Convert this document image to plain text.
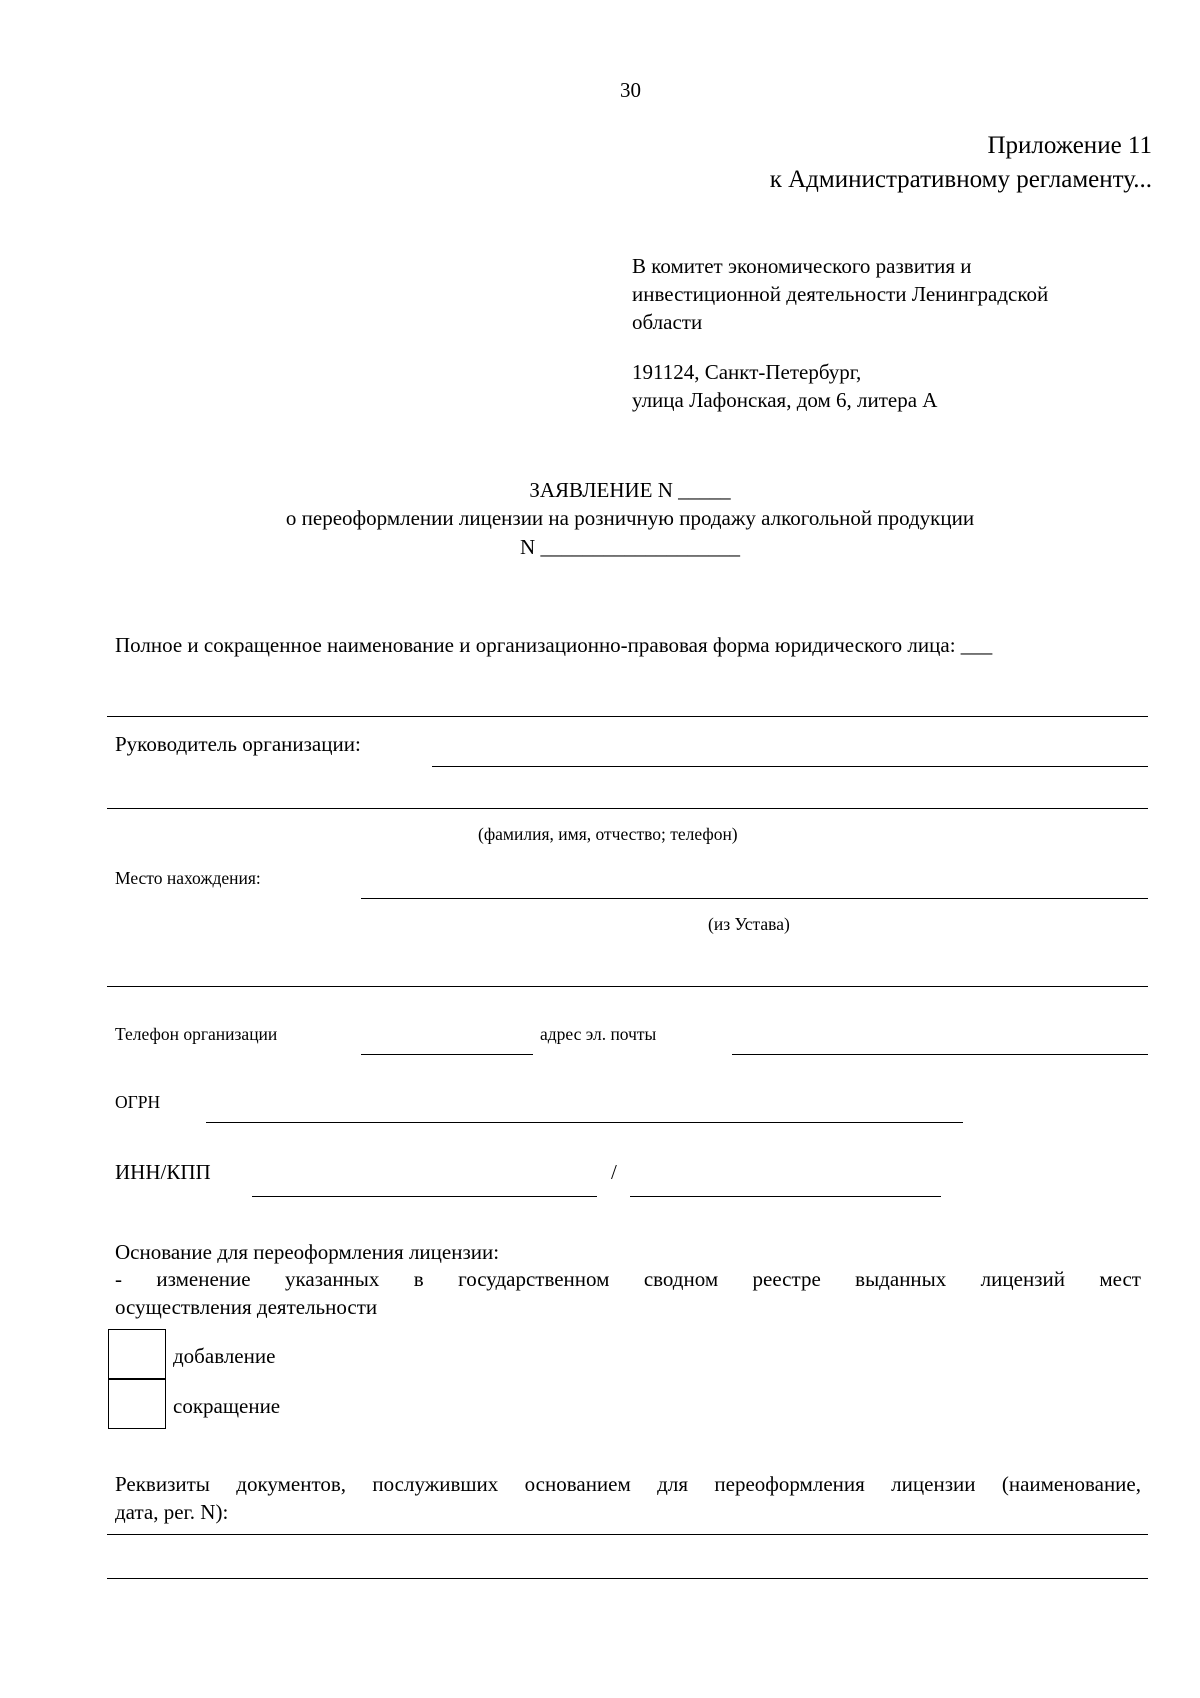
30
Приложение 11
к Административному регламенту...
В комитет экономического развития и
инвестиционной деятельности Ленинградской
области
191124, Санкт-Петербург,
улица Лафонская, дом 6, литера А
ЗАЯВЛЕНИЕ N _____
о переоформлении лицензии на розничную продажу алкогольной продукции
N ___________________
Полное и сокращенное наименование и организационно-правовая форма юридического лица: ___
Руководитель организации:
(фамилия, имя, отчество; телефон)
Место нахождения:
(из Устава)
Телефон организации	адрес эл. почты
ОГРН
ИНН/КПП	/
Основание для переоформления лицензии:
- изменение указанных в государственном сводном реестре выданных лицензий мест
осуществления деятельности
добавление
сокращение
Реквизиты документов, послуживших основанием для переоформления лицензии (наименование,
дата, рег. N):
